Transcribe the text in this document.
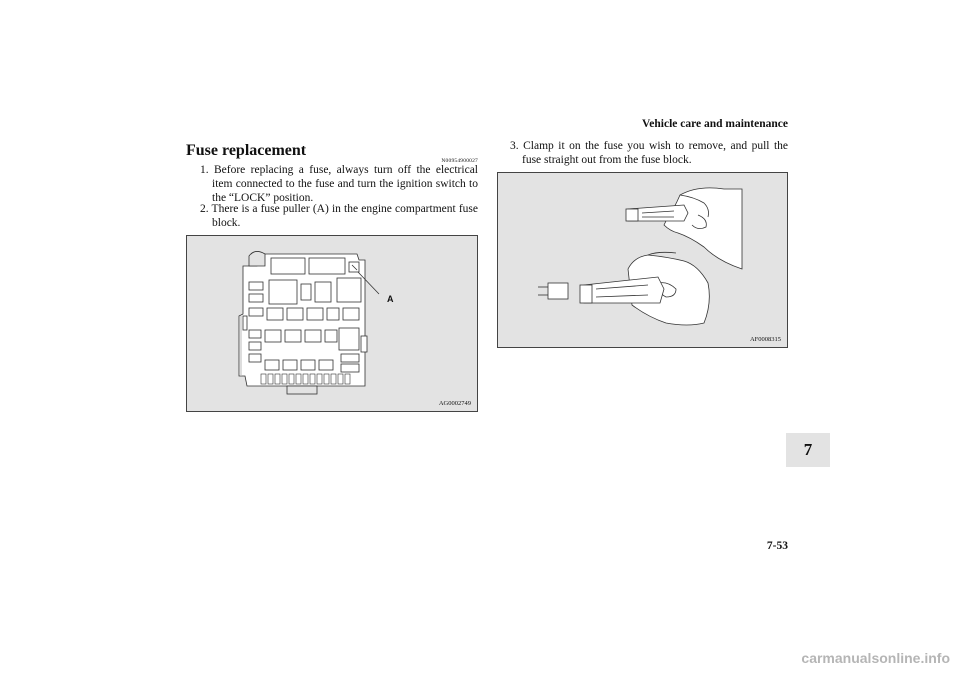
Vehicle care and maintenance
Fuse replacement
N00954900027
1. Before replacing a fuse, always turn off the electrical item connected to the fuse and turn the ignition switch to the “LOCK” position.
2. There is a fuse puller (A) in the engine compartment fuse block.
3. Clamp it on the fuse you wish to remove, and pull the fuse straight out from the fuse block.
A
AG0002749
AF0008315
7
7-53
carmanualsonline.info
